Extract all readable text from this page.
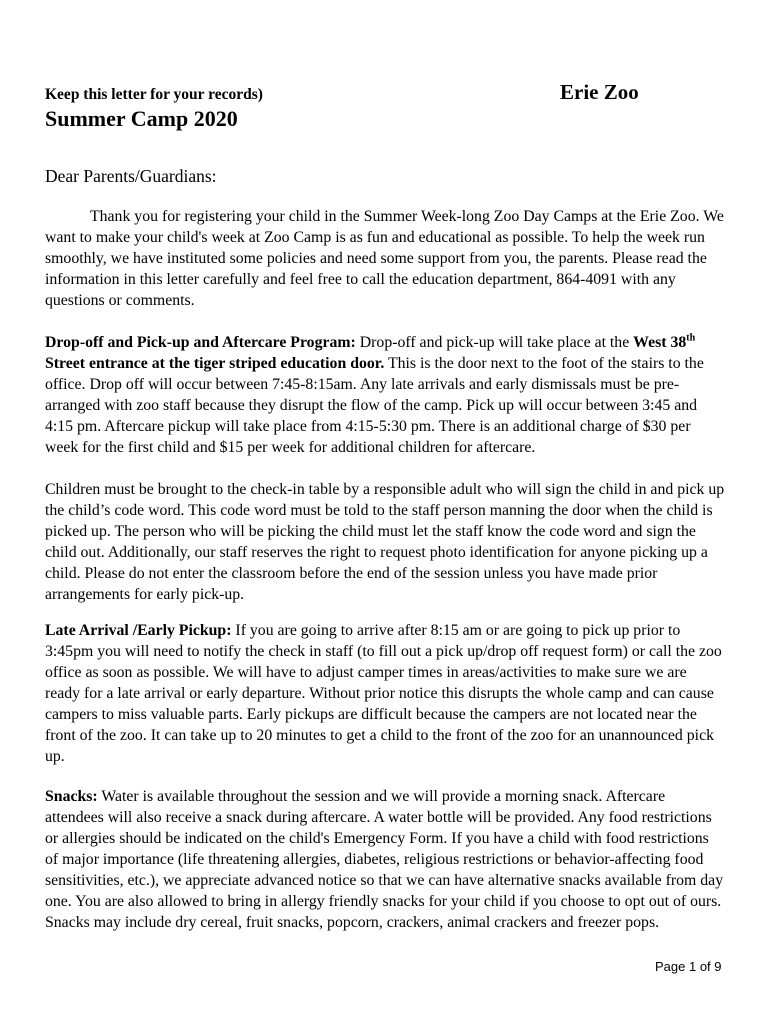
Keep this letter for your records)	Erie Zoo
Summer Camp 2020
Dear Parents/Guardians:

Thank you for registering your child in the Summer Week-long Zoo Day Camps at the Erie Zoo. We want to make your child's week at Zoo Camp is as fun and educational as possible. To help the week run smoothly, we have instituted some policies and need some support from you, the parents. Please read the information in this letter carefully and feel free to call the education department, 864-4091 with any questions or comments.

Drop-off and Pick-up and Aftercare Program: Drop-off and pick-up will take place at the West 38th Street entrance at the tiger striped education door. This is the door next to the foot of the stairs to the office. Drop off will occur between 7:45-8:15am. Any late arrivals and early dismissals must be pre-arranged with zoo staff because they disrupt the flow of the camp. Pick up will occur between 3:45 and 4:15 pm. Aftercare pickup will take place from 4:15-5:30 pm. There is an additional charge of $30 per week for the first child and $15 per week for additional children for aftercare.

Children must be brought to the check-in table by a responsible adult who will sign the child in and pick up the child’s code word. This code word must be told to the staff person manning the door when the child is picked up. The person who will be picking the child must let the staff know the code word and sign the child out. Additionally, our staff reserves the right to request photo identification for anyone picking up a child. Please do not enter the classroom before the end of the session unless you have made prior arrangements for early pick-up.

Late Arrival /Early Pickup: If you are going to arrive after 8:15 am or are going to pick up prior to 3:45pm you will need to notify the check in staff (to fill out a pick up/drop off request form) or call the zoo office as soon as possible. We will have to adjust camper times in areas/activities to make sure we are ready for a late arrival or early departure. Without prior notice this disrupts the whole camp and can cause campers to miss valuable parts. Early pickups are difficult because the campers are not located near the front of the zoo. It can take up to 20 minutes to get a child to the front of the zoo for an unannounced pick up.

Snacks: Water is available throughout the session and we will provide a morning snack. Aftercare attendees will also receive a snack during aftercare. A water bottle will be provided. Any food restrictions or allergies should be indicated on the child's Emergency Form. If you have a child with food restrictions of major importance (life threatening allergies, diabetes, religious restrictions or behavior-affecting food sensitivities, etc.), we appreciate advanced notice so that we can have alternative snacks available from day one. You are also allowed to bring in allergy friendly snacks for your child if you choose to opt out of ours. Snacks may include dry cereal, fruit snacks, popcorn, crackers, animal crackers and freezer pops.

Page 1 of 9
